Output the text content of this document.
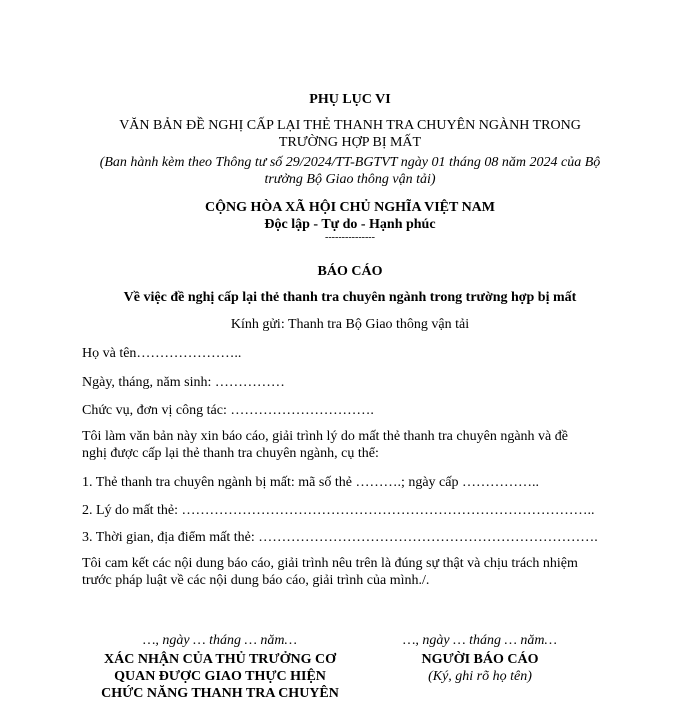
PHỤ LỤC VI
VĂN BẢN ĐỀ NGHỊ CẤP LẠI THẺ THANH TRA CHUYÊN NGÀNH TRONG
TRƯỜNG HỢP BỊ MẤT
(Ban hành kèm theo Thông tư số 29/2024/TT-BGTVT ngày 01 tháng 08 năm 2024 của Bộ
trưởng Bộ Giao thông vận tải)
CỘNG HÒA XÃ HỘI CHỦ NGHĨA VIỆT NAM
Độc lập - Tự do - Hạnh phúc
---------------
BÁO CÁO
Về việc đề nghị cấp lại thẻ thanh tra chuyên ngành trong trường hợp bị mất
Kính gửi: Thanh tra Bộ Giao thông vận tải
Họ và tên…………………..
Ngày, tháng, năm sinh: ……………
Chức vụ, đơn vị công tác: ………………………….
Tôi làm văn bản này xin báo cáo, giải trình lý do mất thẻ thanh tra chuyên ngành và đề
nghị được cấp lại thẻ thanh tra chuyên ngành, cụ thể:
1. Thẻ thanh tra chuyên ngành bị mất: mã số thẻ ……….; ngày cấp ……………..
2. Lý do mất thẻ: ……………………………………………………………………………..
3. Thời gian, địa điểm mất thẻ: ……………………………………………………………….
Tôi cam kết các nội dung báo cáo, giải trình nêu trên là đúng sự thật và chịu trách nhiệm
trước pháp luật về các nội dung báo cáo, giải trình của mình./.
…, ngày … tháng … năm…
XÁC NHẬN CỦA THỦ TRƯỞNG CƠ
QUAN ĐƯỢC GIAO THỰC HIỆN
CHỨC NĂNG THANH TRA CHUYÊN
…, ngày … tháng … năm…
NGƯỜI BÁO CÁO
(Ký, ghi rõ họ tên)
